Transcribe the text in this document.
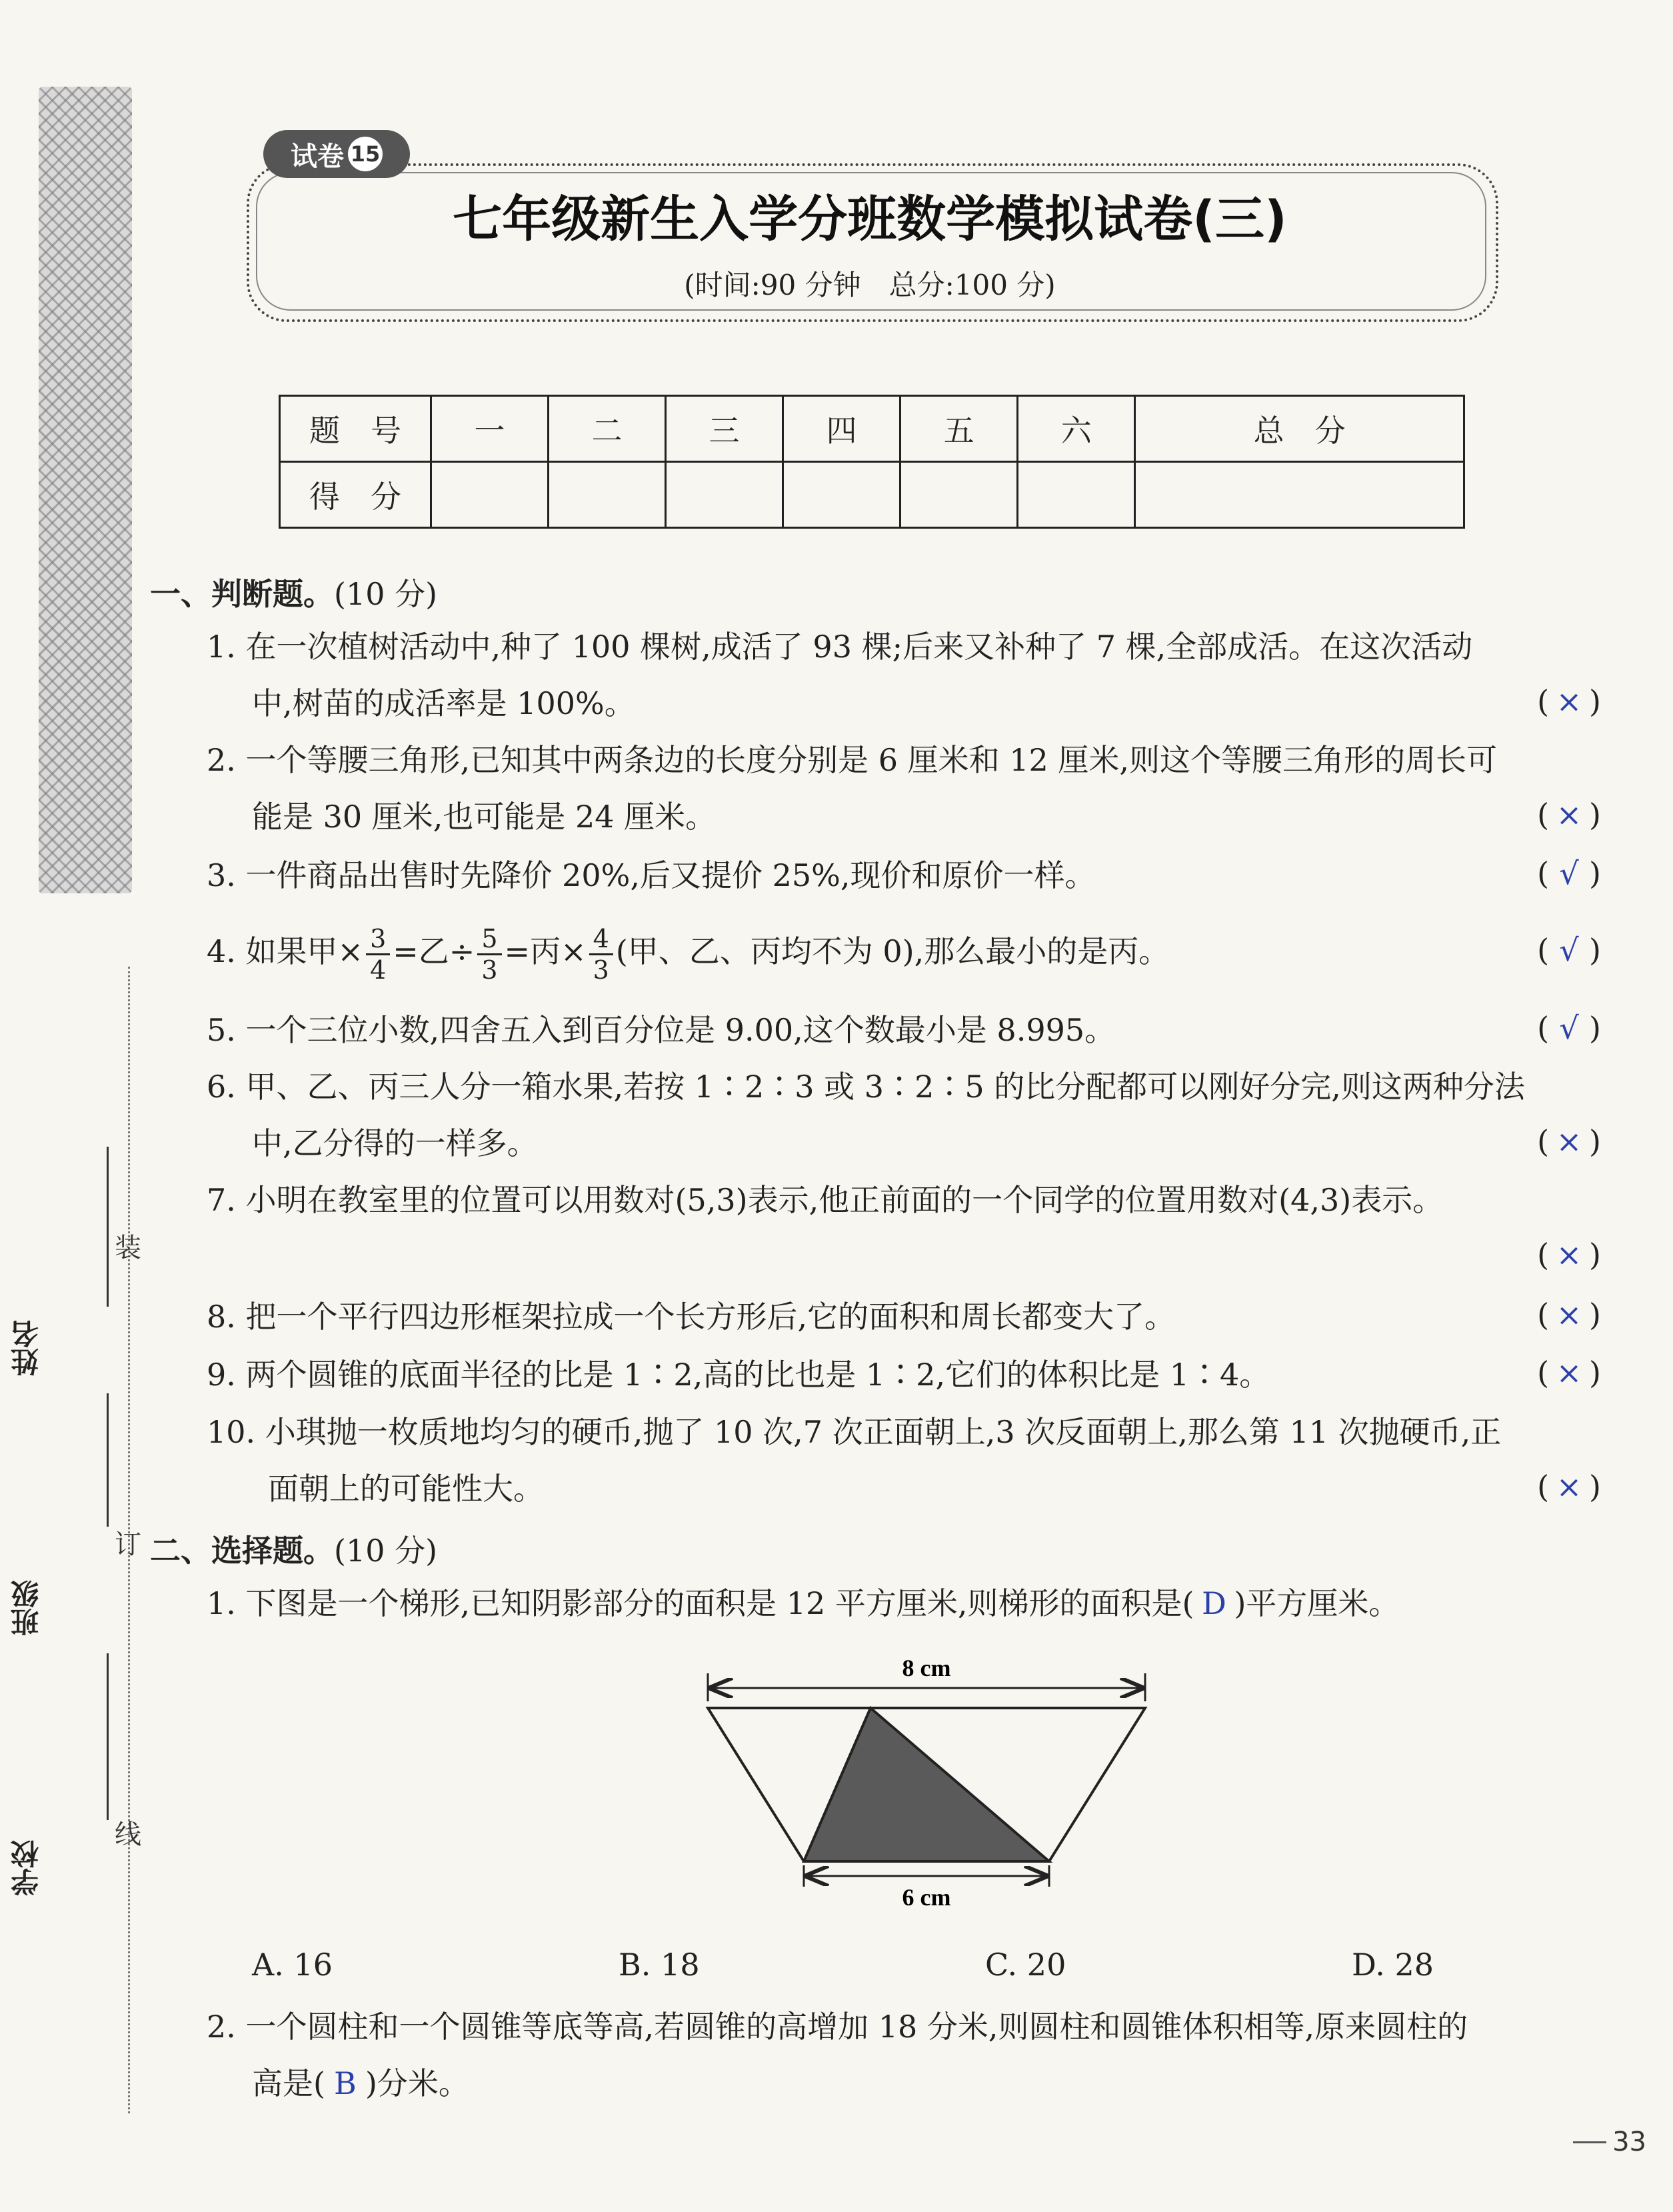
装
订
线
姓名
班级
学校
试卷 15
七年级新生入学分班数学模拟试卷(三)
(时间:90 分钟　总分:100 分)
题　号	一	二	三	四	五	六	总　分
得　分							
一、判断题。(10 分)
1. 在一次植树活动中,种了 100 棵树,成活了 93 棵;后来又补种了 7 棵,全部成活。在这次活动
中,树苗的成活率是 100%。	( × )
2. 一个等腰三角形,已知其中两条边的长度分别是 6 厘米和 12 厘米,则这个等腰三角形的周长可
能是 30 厘米,也可能是 24 厘米。	( × )
3. 一件商品出售时先降价 20%,后又提价 25%,现价和原价一样。	( √ )
4. 如果甲× $\frac{3}{4}$ =乙÷ $\frac{5}{3}$ =丙× $\frac{4}{3}$ (甲、乙、丙均不为 0),那么最小的是丙。	( √ )
5. 一个三位小数,四舍五入到百分位是 9.00,这个数最小是 8.995。	( √ )
6. 甲、乙、丙三人分一箱水果,若按 1∶2∶3 或 3∶2∶5 的比分配都可以刚好分完,则这两种分法
中,乙分得的一样多。	( × )
7. 小明在教室里的位置可以用数对(5,3)表示,他正前面的一个同学的位置用数对(4,3)表示。
( × )
8. 把一个平行四边形框架拉成一个长方形后,它的面积和周长都变大了。	( × )
9. 两个圆锥的底面半径的比是 1∶2,高的比也是 1∶2,它们的体积比是 1∶4。	( × )
10. 小琪抛一枚质地均匀的硬币,抛了 10 次,7 次正面朝上,3 次反面朝上,那么第 11 次抛硬币,正
面朝上的可能性大。	( × )
二、选择题。(10 分)
1. 下图是一个梯形,已知阴影部分的面积是 12 平方厘米,则梯形的面积是( D )平方厘米。
8 cm
6 cm
A. 16	B. 18	C. 20	D. 28
2. 一个圆柱和一个圆锥等底等高,若圆锥的高增加 18 分米,则圆柱和圆锥体积相等,原来圆柱的
高是( B )分米。
33
